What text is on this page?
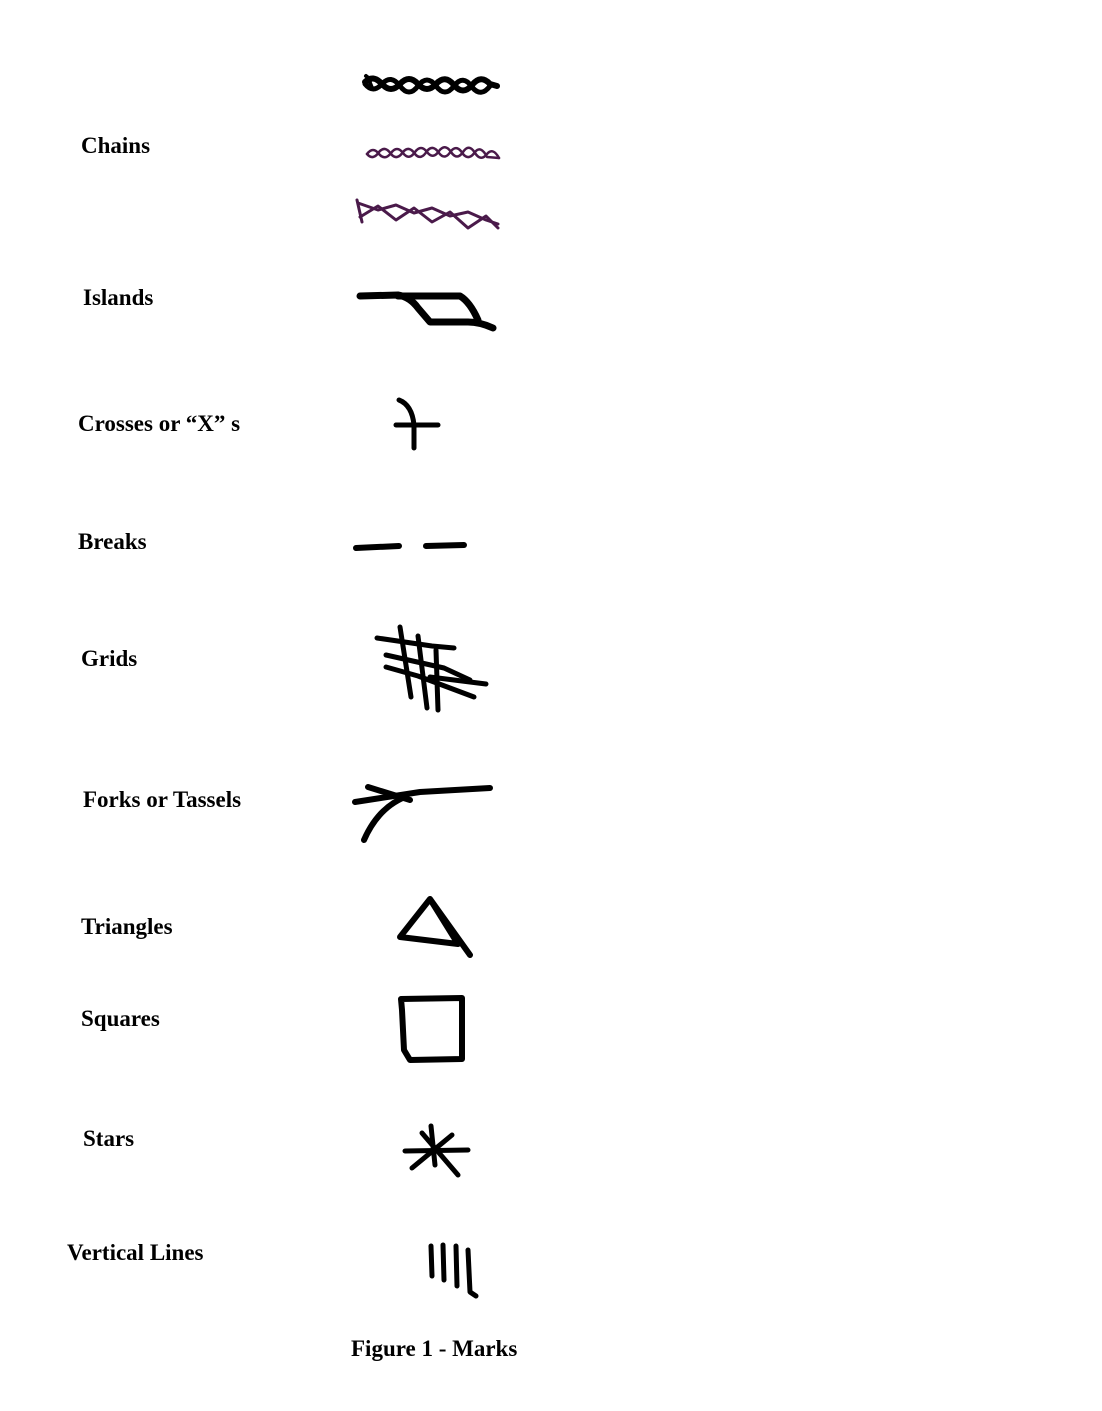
Chains
Islands
Crosses or “X” s
Breaks
Grids
Forks or Tassels
Triangles
Squares
Stars
Vertical Lines
Figure 1 - Marks
